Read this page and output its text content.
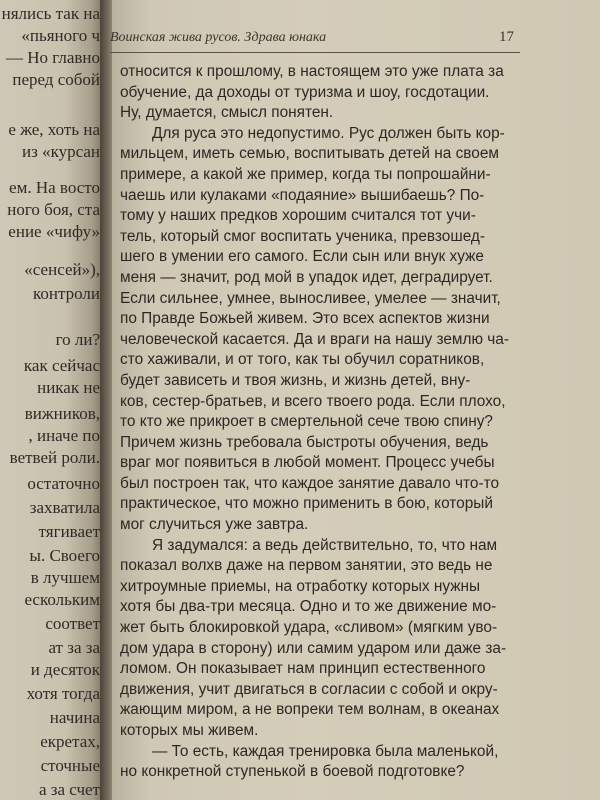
нялись так на
«пьяного ч
— Но главно
перед собой
е же, хоть на
из «курсан
ем. На восто
ного боя, ста
ение «чифу»
«сенсей»),
контроли
го ли?
как сейчас
никак не
вижников,
, иначе по
ветвей роли.
остаточно
захватила
тягивает
ы. Своего
в лучшем
ескольким
соответ
ат за за
и десяток
хотя тогда
начина
екретах,
сточные
а за счет
Воинская жива русов. Здрава юнака	17
относится к прошлому, в настоящем это уже плата за
обучение, да доходы от туризма и шоу, госдотации.
Ну, думается, смысл понятен.
Для руса это недопустимо. Рус должен быть кор-
мильцем, иметь семью, воспитывать детей на своем
примере, а какой же пример, когда ты попрошайни-
чаешь или кулаками «подаяние» вышибаешь? По-
тому у наших предков хорошим считался тот учи-
тель, который смог воспитать ученика, превзошед-
шего в умении его самого. Если сын или внук хуже
меня — значит, род мой в упадок идет, деградирует.
Если сильнее, умнее, выносливее, умелее — значит,
по Правде Божьей живем. Это всех аспектов жизни
человеческой касается. Да и враги на нашу землю ча-
сто хаживали, и от того, как ты обучил соратников,
будет зависеть и твоя жизнь, и жизнь детей, вну-
ков, сестер-братьев, и всего твоего рода. Если плохо,
то кто же прикроет в смертельной сече твою спину?
Причем жизнь требовала быстроты обучения, ведь
враг мог появиться в любой момент. Процесс учебы
был построен так, что каждое занятие давало что-то
практическое, что можно применить в бою, который
мог случиться уже завтра.
Я задумался: а ведь действительно, то, что нам
показал волхв даже на первом занятии, это ведь не
хитроумные приемы, на отработку которых нужны
хотя бы два-три месяца. Однo и то же движение мо-
жет быть блокировкой удара, «сливом» (мягким уво-
дом удара в сторону) или самим ударом или даже за-
ломом. Он показывает нам принцип естественного
движения, учит двигаться в согласии с собой и окру-
жающим миром, а не вопреки тем волнам, в океанах
которых мы живем.
— То есть, каждая тренировка была маленькой,
но конкретной ступенькой в боевой подготовке?
